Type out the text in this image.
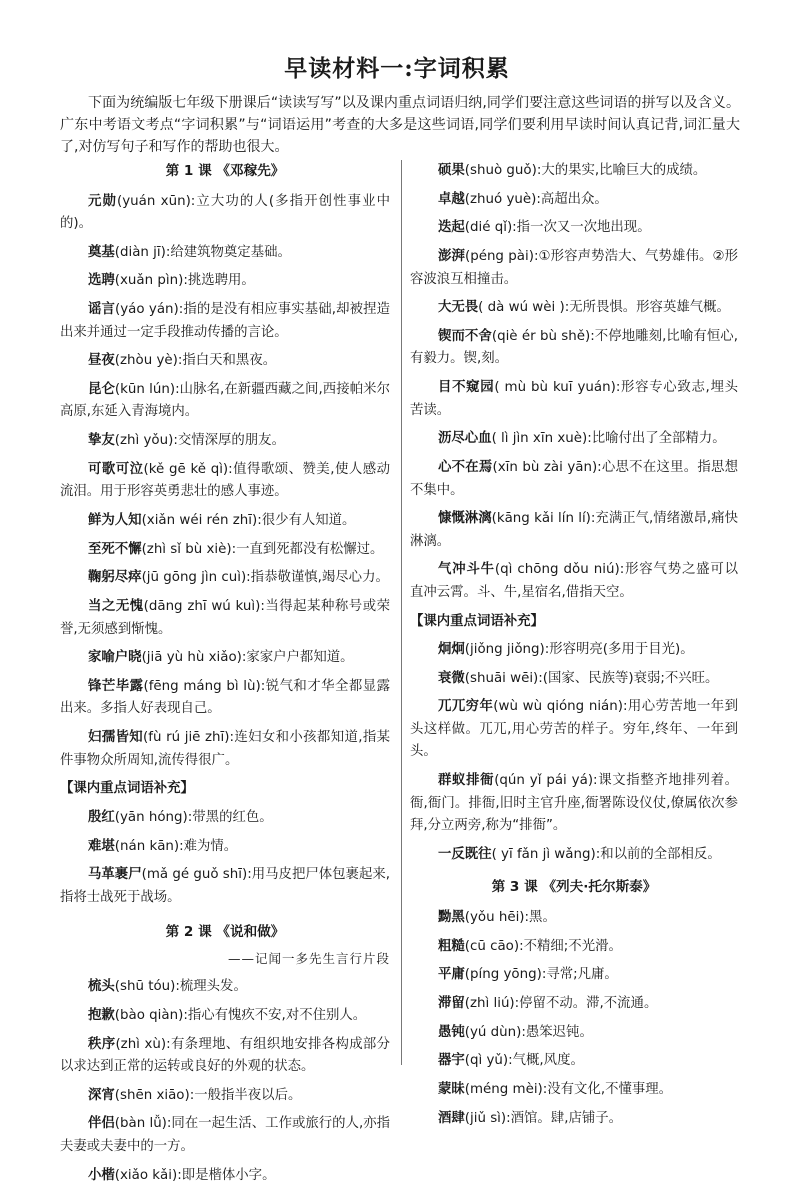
早读材料一:字词积累

下面为统编版七年级下册课后“读读写写”以及课内重点词语归纳,同学们要注意这些词语的拼写以及含义。广东中考语文考点“字词积累”与“词语运用”考查的大多是这些词语,同学们要利用早读时间认真记背,词汇量大了,对仿写句子和写作的帮助也很大。

第 1 课 《邓稼先》

元勋(yuán xūn):立大功的人(多指开创性事业中的)。

奠基(diàn jī):给建筑物奠定基础。

选聘(xuǎn pìn):挑选聘用。

谣言(yáo yán):指的是没有相应事实基础,却被捏造出来并通过一定手段推动传播的言论。

昼夜(zhòu yè):指白天和黑夜。

昆仑(kūn lún):山脉名,在新疆西藏之间,西接帕米尔高原,东延入青海境内。

挚友(zhì yǒu):交情深厚的朋友。

可歌可泣(kě gē kě qì):值得歌颂、赞美,使人感动流泪。用于形容英勇悲壮的感人事迹。

鲜为人知(xiǎn wéi rén zhī):很少有人知道。

至死不懈(zhì sǐ bù xiè):一直到死都没有松懈过。

鞠躬尽瘁(jū gōng jìn cuì):指恭敬谨慎,竭尽心力。

当之无愧(dāng zhī wú kuì):当得起某种称号或荣誉,无须感到惭愧。

家喻户晓(jiā yù hù xiǎo):家家户户都知道。

锋芒毕露(fēng máng bì lù):锐气和才华全都显露出来。多指人好表现自己。

妇孺皆知(fù rú jiē zhī):连妇女和小孩都知道,指某件事物众所周知,流传得很广。

【课内重点词语补充】

殷红(yān hóng):带黑的红色。

难堪(nán kān):难为情。

马革裹尸(mǎ gé guǒ shī):用马皮把尸体包裹起来,指将士战死于战场。

第 2 课 《说和做》
——记闻一多先生言行片段

梳头(shū tóu):梳理头发。

抱歉(bào qiàn):指心有愧疚不安,对不住别人。

秩序(zhì xù):有条理地、有组织地安排各构成部分以求达到正常的运转或良好的外观的状态。

深宵(shēn xiāo):一般指半夜以后。

伴侣(bàn lǚ):同在一起生活、工作或旅行的人,亦指夫妻或夫妻中的一方。

小楷(xiǎo kǎi):即是楷体小字。

硕果(shuò guǒ):大的果实,比喻巨大的成绩。

卓越(zhuó yuè):高超出众。

迭起(dié qǐ):指一次又一次地出现。

澎湃(péng pài):①形容声势浩大、气势雄伟。②形容波浪互相撞击。

大无畏( dà wú wèi ):无所畏惧。形容英雄气概。

锲而不舍(qiè ér bù shě):不停地雕刻,比喻有恒心,有毅力。锲,刻。

目不窥园( mù bù kuī yuán):形容专心致志,埋头苦读。

沥尽心血( lì jìn xīn xuè):比喻付出了全部精力。

心不在焉(xīn bù zài yān):心思不在这里。指思想不集中。

慷慨淋漓(kāng kǎi lín lí):充满正气,情绪激昂,痛快淋漓。

气冲斗牛(qì chōng dǒu niú):形容气势之盛可以直冲云霄。斗、牛,星宿名,借指天空。

【课内重点词语补充】

炯炯(jiǒng jiǒng):形容明亮(多用于目光)。

衰微(shuāi wēi):(国家、民族等)衰弱;不兴旺。

兀兀穷年(wù wù qióng nián):用心劳苦地一年到头这样做。兀兀,用心劳苦的样子。穷年,终年、一年到头。

群蚁排衙(qún yǐ pái yá):课文指整齐地排列着。衙,衙门。排衙,旧时主官升座,衙署陈设仪仗,僚属依次参拜,分立两旁,称为“排衙”。

一反既往( yī fǎn jì wǎng):和以前的全部相反。

第 3 课 《列夫·托尔斯泰》

黝黑(yǒu hēi):黑。

粗糙(cū cāo):不精细;不光滑。

平庸(píng yōng):寻常;凡庸。

滞留(zhì liú):停留不动。滞,不流通。

愚钝(yú dùn):愚笨迟钝。

器宇(qì yǔ):气概,风度。

蒙昧(méng mèi):没有文化,不懂事理。

酒肆(jiǔ sì):酒馆。肆,店铺子。
